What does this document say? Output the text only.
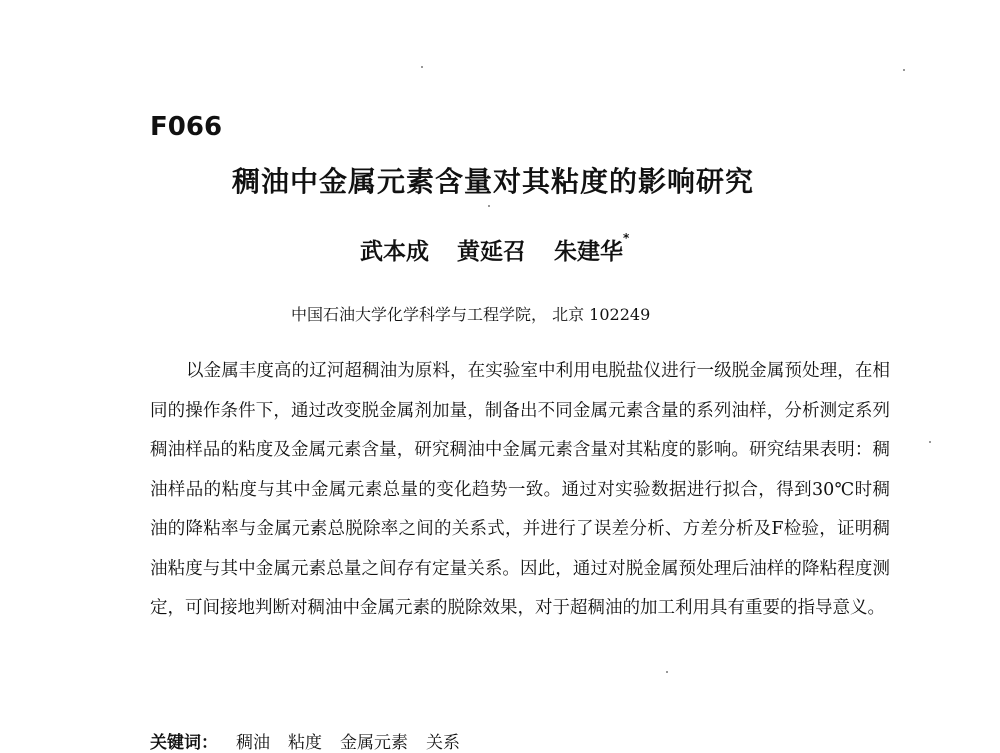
F066
稠油中金属元素含量对其粘度的影响研究
武本成 黄延召 朱建华*
中国石油大学化学科学与工程学院， 北京 102249

以金属丰度高的辽河超稠油为原料，在实验室中利用电脱盐仪进行一级脱金属预处理，在相同的操作条件下，通过改变脱金属剂加量，制备出不同金属元素含量的系列油样，分析测定系列稠油样品的粘度及金属元素含量，研究稠油中金属元素含量对其粘度的影响。研究结果表明：稠油样品的粘度与其中金属元素总量的变化趋势一致。通过对实验数据进行拟合，得到30℃时稠油的降粘率与金属元素总脱除率之间的关系式，并进行了误差分析、方差分析及F检验，证明稠油粘度与其中金属元素总量之间存有定量关系。因此，通过对脱金属预处理后油样的降粘程度测定，可间接地判断对稠油中金属元素的脱除效果，对于超稠油的加工利用具有重要的指导意义。

关键词： 稠油 粘度 金属元素 关系
